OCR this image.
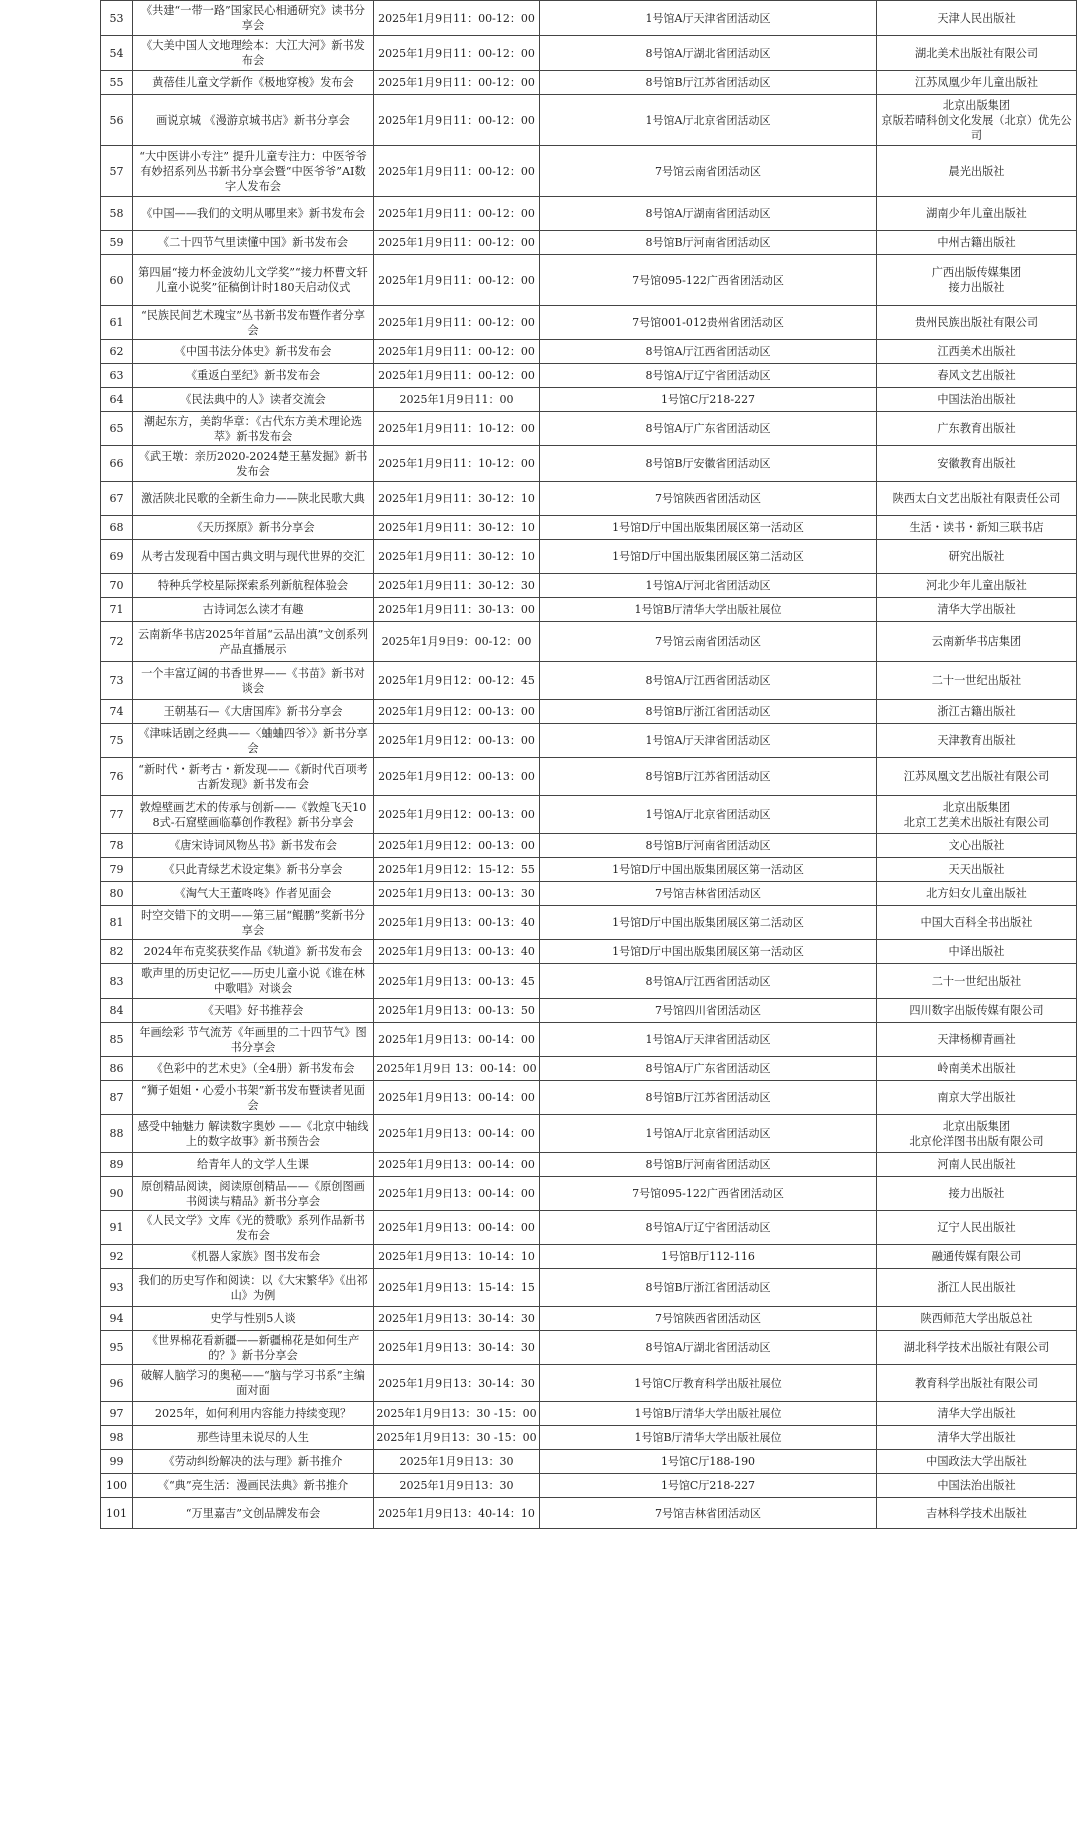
53	《共建“一带一路”国家民心相通研究》读书分享会	2025年1月9日11：00-12：00	1号馆A厅天津省团活动区	天津人民出版社
54	《大美中国人文地理绘本：大江大河》新书发布会	2025年1月9日11：00-12：00	8号馆A厅湖北省团活动区	湖北美术出版社有限公司
55	黄蓓佳儿童文学新作《极地穿梭》发布会	2025年1月9日11：00-12：00	8号馆B厅江苏省团活动区	江苏凤凰少年儿童出版社
56	画说京城 《漫游京城书店》新书分享会	2025年1月9日11：00-12：00	1号馆A厅北京省团活动区	北京出版集团
京版若晴科创文化发展（北京）优先公司
57	“大中医讲小专注” 提升儿童专注力：中医爷爷有妙招系列丛书新书分享会暨“中医爷爷”AI数字人发布会	2025年1月9日11：00-12：00	7号馆云南省团活动区	晨光出版社
58	《中国——我们的文明从哪里来》新书发布会	2025年1月9日11：00-12：00	8号馆A厅湖南省团活动区	湖南少年儿童出版社
59	《二十四节气里读懂中国》新书发布会	2025年1月9日11：00-12：00	8号馆B厅河南省团活动区	中州古籍出版社
60	第四届“接力杯金波幼儿文学奖”“接力杯曹文轩儿童小说奖”征稿倒计时180天启动仪式	2025年1月9日11：00-12：00	7号馆095-122广西省团活动区	广西出版传媒集团
接力出版社
61	“民族民间艺术瑰宝”丛书新书发布暨作者分享会	2025年1月9日11：00-12：00	7号馆001-012贵州省团活动区	贵州民族出版社有限公司
62	《中国书法分体史》新书发布会	2025年1月9日11：00-12：00	8号馆A厅江西省团活动区	江西美术出版社
63	《重返白垩纪》新书发布会	2025年1月9日11：00-12：00	8号馆A厅辽宁省团活动区	春风文艺出版社
64	《民法典中的人》读者交流会	2025年1月9日11：00	1号馆C厅218-227	中国法治出版社
65	潮起东方，美韵华章：《古代东方美术理论选萃》新书发布会	2025年1月9日11：10-12：00	8号馆A厅广东省团活动区	广东教育出版社
66	《武王墩：亲历2020-2024楚王墓发掘》新书发布会	2025年1月9日11：10-12：00	8号馆B厅安徽省团活动区	安徽教育出版社
67	激活陕北民歌的全新生命力——陕北民歌大典	2025年1月9日11：30-12：10	7号馆陕西省团活动区	陕西太白文艺出版社有限责任公司
68	《天历探原》新书分享会	2025年1月9日11：30-12：10	1号馆D厅中国出版集团展区第一活动区	生活・读书・新知三联书店
69	从考古发现看中国古典文明与现代世界的交汇	2025年1月9日11：30-12：10	1号馆D厅中国出版集团展区第二活动区	研究出版社
70	特种兵学校星际探索系列新航程体验会	2025年1月9日11：30-12：30	1号馆A厅河北省团活动区	河北少年儿童出版社
71	古诗词怎么读才有趣	2025年1月9日11：30-13：00	1号馆B厅清华大学出版社展位	清华大学出版社
72	云南新华书店2025年首届“云品出滇”文创系列产品直播展示	2025年1月9日9：00-12：00	7号馆云南省团活动区	云南新华书店集团
73	一个丰富辽阔的书香世界——《书苗》新书对谈会	2025年1月9日12：00-12：45	8号馆A厅江西省团活动区	二十一世纪出版社
74	王朝基石—《大唐国库》新书分享会	2025年1月9日12：00-13：00	8号馆B厅浙江省团活动区	浙江古籍出版社
75	《津味话剧之经典——〈蛐蛐四爷〉》新书分享会	2025年1月9日12：00-13：00	1号馆A厅天津省团活动区	天津教育出版社
76	“新时代・新考古・新发现——《新时代百项考古新发现》新书发布会	2025年1月9日12：00-13：00	8号馆B厅江苏省团活动区	江苏凤凰文艺出版社有限公司
77	敦煌壁画艺术的传承与创新——《敦煌飞天108式-石窟壁画临摹创作教程》新书分享会	2025年1月9日12：00-13：00	1号馆A厅北京省团活动区	北京出版集团
北京工艺美术出版社有限公司
78	《唐宋诗词风物丛书》新书发布会	2025年1月9日12：00-13：00	8号馆B厅河南省团活动区	文心出版社
79	《只此青绿艺术设定集》新书分享会	2025年1月9日12：15-12：55	1号馆D厅中国出版集团展区第一活动区	天天出版社
80	《淘气大王董咚咚》作者见面会	2025年1月9日13：00-13：30	7号馆吉林省团活动区	北方妇女儿童出版社
81	时空交错下的文明——第三届“鲲鹏”奖新书分享会	2025年1月9日13：00-13：40	1号馆D厅中国出版集团展区第二活动区	中国大百科全书出版社
82	2024年布克奖获奖作品《轨道》新书发布会	2025年1月9日13：00-13：40	1号馆D厅中国出版集团展区第一活动区	中译出版社
83	歌声里的历史记忆——历史儿童小说《谁在林中歌唱》对谈会	2025年1月9日13：00-13：45	8号馆A厅江西省团活动区	二十一世纪出版社
84	《天唱》好书推荐会	2025年1月9日13：00-13：50	7号馆四川省团活动区	四川数字出版传媒有限公司
85	年画绘彩 节气流芳《年画里的二十四节气》图书分享会	2025年1月9日13：00-14：00	1号馆A厅天津省团活动区	天津杨柳青画社
86	《色彩中的艺术史》（全4册）新书发布会	2025年1月9日 13：00-14：00	8号馆A厅广东省团活动区	岭南美术出版社
87	“狮子姐姐・心爱小书架”新书发布暨读者见面会	2025年1月9日13：00-14：00	8号馆B厅江苏省团活动区	南京大学出版社
88	感受中轴魅力 解读数字奥妙 ——《北京中轴线上的数字故事》新书预告会	2025年1月9日13：00-14：00	1号馆A厅北京省团活动区	北京出版集团
北京伦洋图书出版有限公司
89	给青年人的文学人生课	2025年1月9日13：00-14：00	8号馆B厅河南省团活动区	河南人民出版社
90	原创精品阅读，阅读原创精品——《原创图画书阅读与精品》新书分享会	2025年1月9日13：00-14：00	7号馆095-122广西省团活动区	接力出版社
91	《人民文学》文库《光的赞歌》系列作品新书发布会	2025年1月9日13：00-14：00	8号馆A厅辽宁省团活动区	辽宁人民出版社
92	《机器人家族》图书发布会	2025年1月9日13：10-14：10	1号馆B厅112-116	融通传媒有限公司
93	我们的历史写作和阅读：以《大宋繁华》《出祁山》为例	2025年1月9日13：15-14：15	8号馆B厅浙江省团活动区	浙江人民出版社
94	史学与性别5人谈	2025年1月9日13：30-14：30	7号馆陕西省团活动区	陕西师范大学出版总社
95	《世界棉花看新疆——新疆棉花是如何生产的？》新书分享会	2025年1月9日13：30-14：30	8号馆A厅湖北省团活动区	湖北科学技术出版社有限公司
96	破解人脑学习的奥秘——“脑与学习书系”主编面对面	2025年1月9日13：30-14：30	1号馆C厅教育科学出版社展位	教育科学出版社有限公司
97	2025年，如何利用内容能力持续变现？	2025年1月9日13：30 -15：00	1号馆B厅清华大学出版社展位	清华大学出版社
98	那些诗里未说尽的人生	2025年1月9日13：30 -15：00	1号馆B厅清华大学出版社展位	清华大学出版社
99	《劳动纠纷解决的法与理》新书推介	2025年1月9日13：30	1号馆C厅188-190	中国政法大学出版社
100	《“典”亮生活：漫画民法典》新书推介	2025年1月9日13：30	1号馆C厅218-227	中国法治出版社
101	“万里嘉吉”文创品牌发布会	2025年1月9日13：40-14：10	7号馆吉林省团活动区	吉林科学技术出版社
